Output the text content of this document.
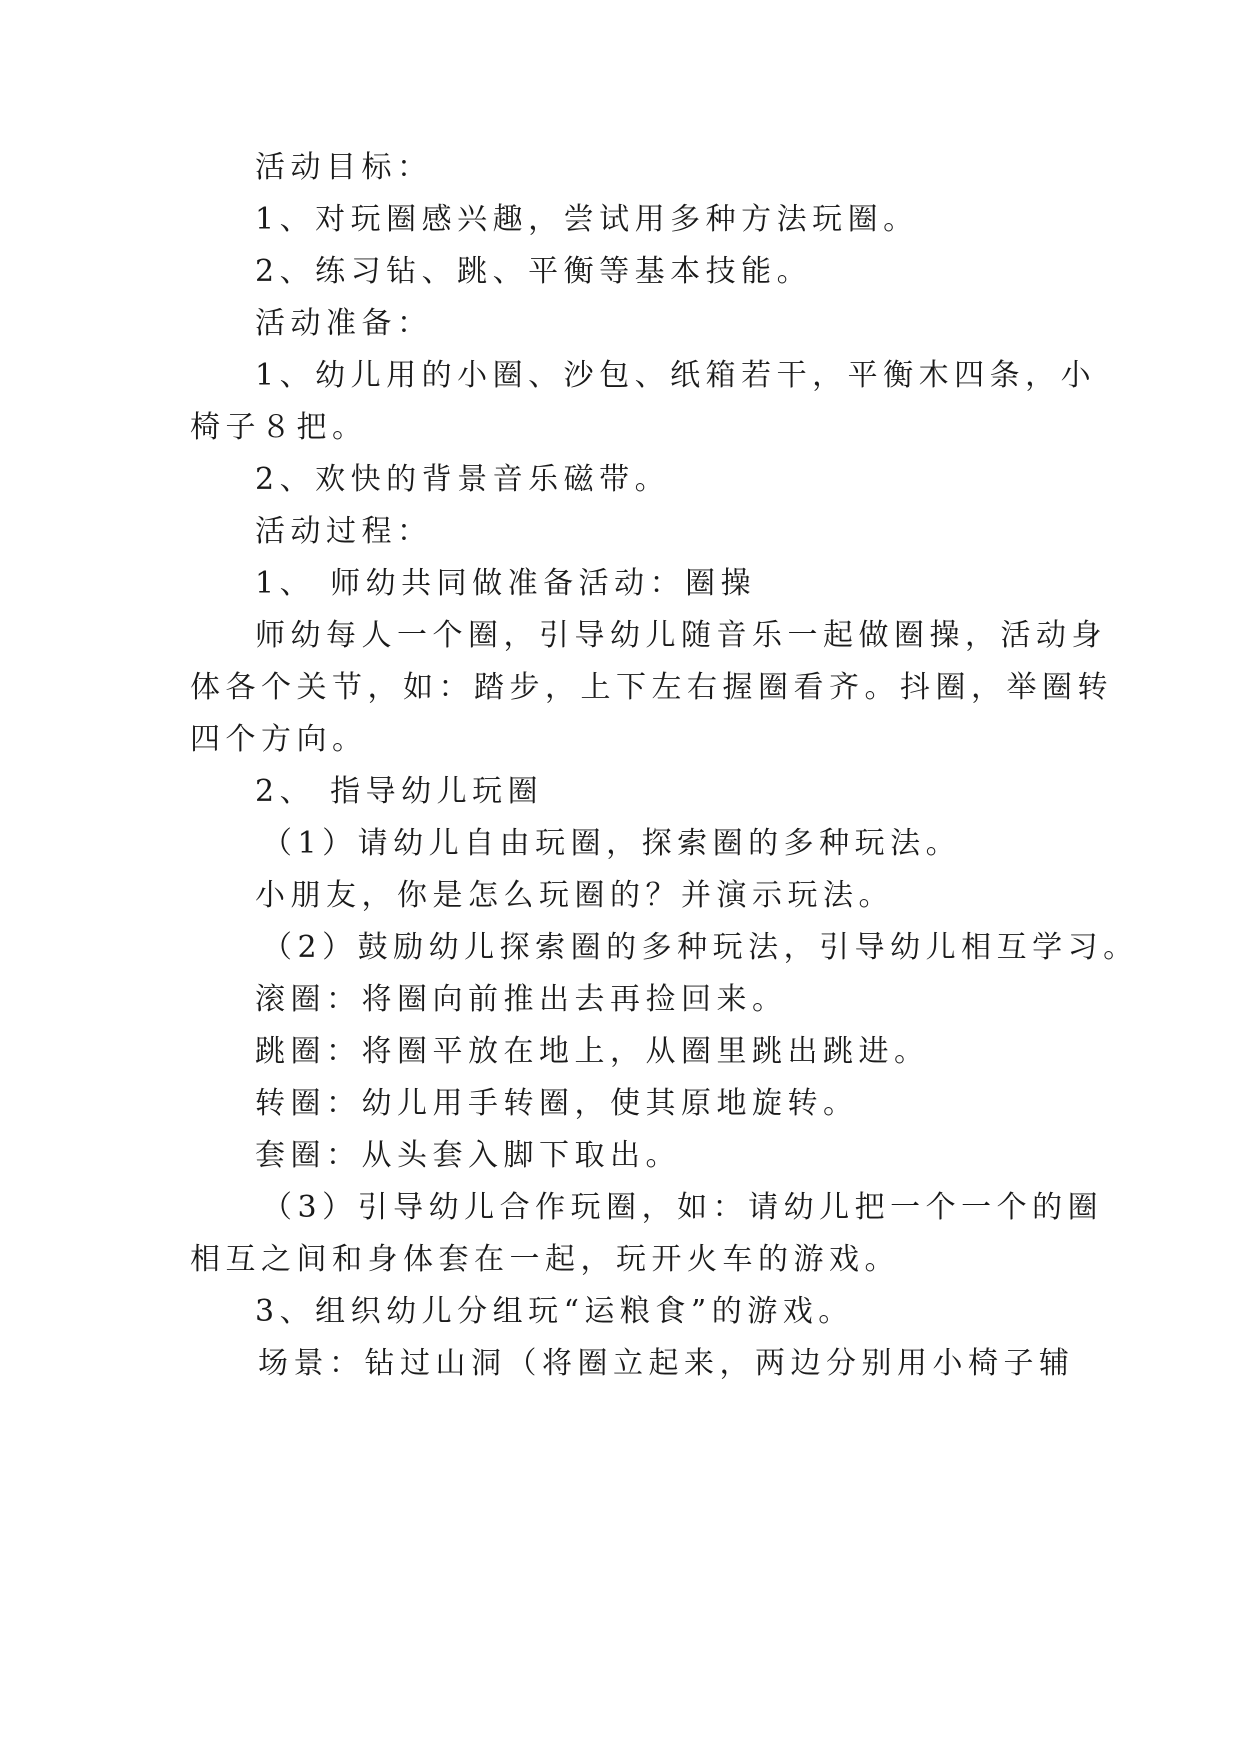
活动目标：
1、对玩圈感兴趣，尝试用多种方法玩圈。
2、练习钻、跳、平衡等基本技能。
活动准备：
1、幼儿用的小圈、沙包、纸箱若干，平衡木四条，小
椅子８把。
2、欢快的背景音乐磁带。
活动过程：
1、 师幼共同做准备活动：圈操
师幼每人一个圈，引导幼儿随音乐一起做圈操，活动身
体各个关节，如：踏步，上下左右握圈看齐。抖圈，举圈转
四个方向。
2、 指导幼儿玩圈
（1）请幼儿自由玩圈，探索圈的多种玩法。
小朋友，你是怎么玩圈的？并演示玩法。
（2）鼓励幼儿探索圈的多种玩法，引导幼儿相互学习。
滚圈：将圈向前推出去再捡回来。
跳圈：将圈平放在地上，从圈里跳出跳进。
转圈：幼儿用手转圈，使其原地旋转。
套圈：从头套入脚下取出。
（3）引导幼儿合作玩圈，如：请幼儿把一个一个的圈
相互之间和身体套在一起，玩开火车的游戏。
3、组织幼儿分组玩“运粮食”的游戏。
场景：钻过山洞（将圈立起来，两边分别用小椅子辅
